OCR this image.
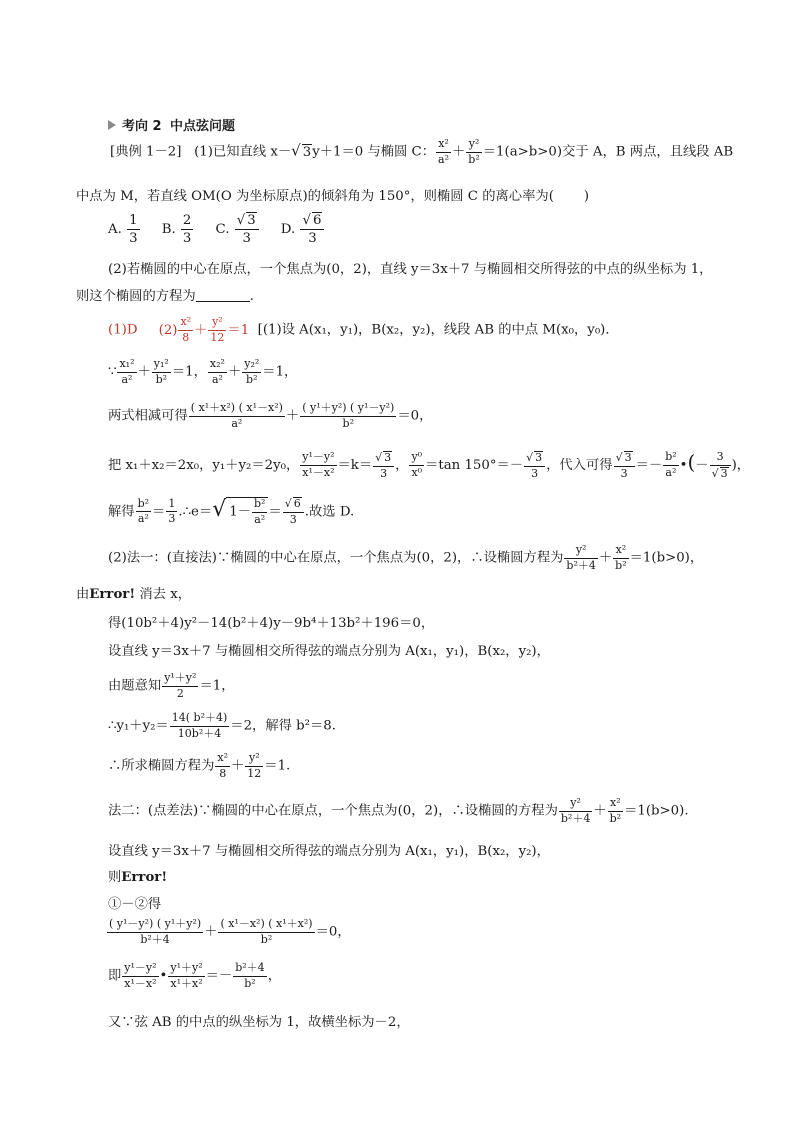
考向 2 中点弦问题
[典例 1－2] (1)已知直线 x－√ 3y＋1＝0 与椭圆 C： $\frac{\text{x²}}{\text{a²}} + \frac{\text{y²}}{\text{b²}} =1(a>b>0)$交于 A，B 两点，且线段 AB
中点为 M，若直线 OM(O 为坐标原点)的倾斜角为 150°，则椭圆 C 的离心率为( )
A. $\frac{1}{3} B$. $\frac{2}{3} C$. $\frac{√ 3}{3} D$. $\frac{√ 6}{3}$
(2)若椭圆的中心在原点，一个焦点为(0，2)，直线 y＝3x＋7 与椭圆相交所得弦的中点的纵坐标为 1，
则这个椭圆的方程为	.
(1)D $(2) \frac{\text{x²}}{8} + \frac{\text{y²}}{12} =1$ [(1)设 A(x₁，y₁)，B(x₂，y₂)，线段 AB 的中点 M(x₀，y₀)．
∵ $\frac{\text{x₁²}}{\text{a²}} + \frac{\text{y₁²}}{\text{b²}} =1$， $\frac{\text{x₂²}}{\text{a²}} + \frac{\text{y₂²}}{\text{b²}} =1$，
两式相减可得 $\frac{\text{( x¹＋x²) ( x¹－x²)}}{\text{a²}} + \frac{\text{( y¹＋y²) ( y¹－y²)}}{\text{b²}} =0$，
把 x₁＋x₂＝2x₀，y₁＋y₂＝2y₀， $\frac{\text{y¹－y²}}{\text{x¹－x²}} =k= \frac{√ 3}{3}$ ， $\frac{\text{y⁰}}{\text{x⁰}} =\tan$ $150^\circ=- \frac{√ 3}{3}$ ，代入可得 $\frac{√ 3}{3} =- \frac{\text{b²}}{\text{a²}}$ •(－ $\frac{3}{√ 3}$ )，
解得 $\frac{\text{b²}}{\text{a²}} = \frac{1}{3}$ .∴e＝√ $1- \frac{\text{b²}}{\text{a²}} = \frac{√ 6}{3}$ .故选 D.
(2)法一：(直接法)∵椭圆的中心在原点，一个焦点为(0，2)，∴设椭圆方程为 $\frac{\text{y²}}{\text{b²＋4}} + \frac{\text{x²}}{\text{b²}} =1(b>0)$，
由Error! 消去 x，
得(10b²＋4)y²－14(b²＋4)y－9b⁴＋13b²＋196＝0，
设直线 y＝3x＋7 与椭圆相交所得弦的端点分别为 A(x₁，y₁)，B(x₂，y₂)，
由题意知 $\frac{\text{y¹＋y²}}{2} =1$，
∴y₁＋y₂＝ $\frac{\text{14( b²＋4)}}{\text{10b²＋4}} =2$，解得 b²＝8.
∴所求椭圆方程为 $\frac{\text{x²}}{8} + \frac{\text{y²}}{12} =1$.
法二：(点差法)∵椭圆的中心在原点，一个焦点为(0，2)，∴设椭圆的方程为 $\frac{\text{y²}}{\text{b²＋4}} + \frac{\text{x²}}{\text{b²}} =1(b>0)$.
设直线 y＝3x＋7 与椭圆相交所得弦的端点分别为 A(x₁，y₁)，B(x₂，y₂)，
则Error!
①－②得
$\frac{\text{( y¹－y²) ( y¹＋y²)}}{\text{b²＋4}} + \frac{\text{( x¹－x²) ( x¹＋x²)}}{\text{b²}} =0$，
即 $\frac{\text{y¹－y²}}{\text{x¹－x²}}$ • $\frac{\text{y¹＋y²}}{\text{x¹＋x²}} =- \frac{\text{b²＋4}}{\text{b²}}$ ，
又∵弦 AB 的中点的纵坐标为 1，故横坐标为－2，
